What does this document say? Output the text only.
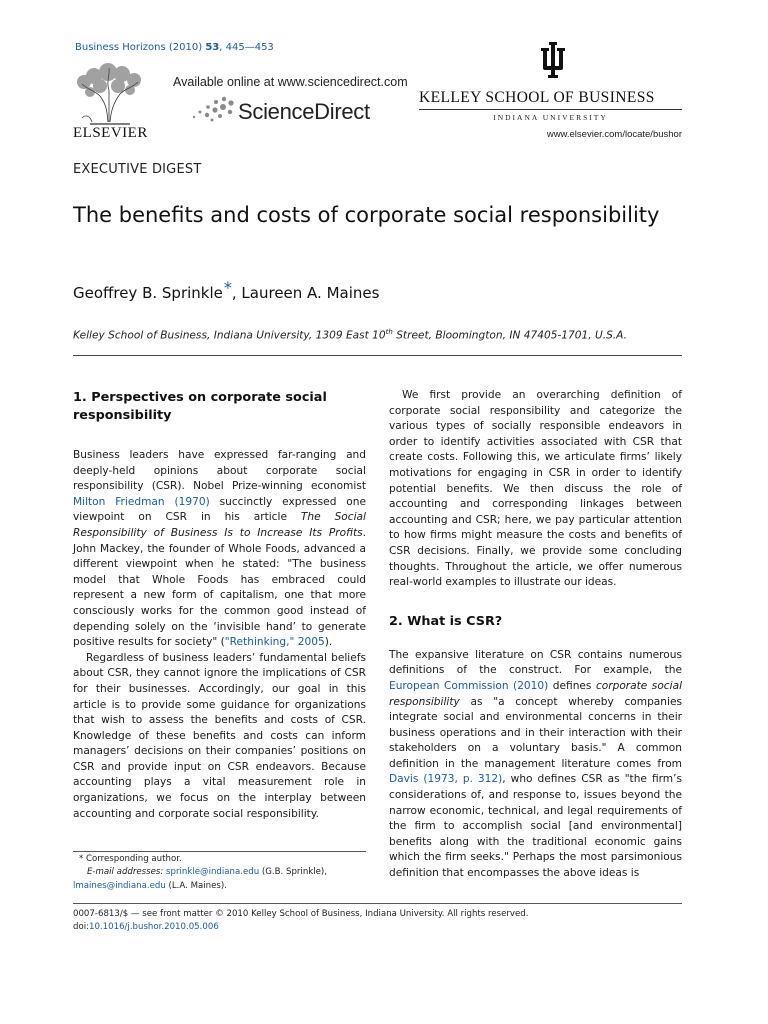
Business Horizons (2010) 53, 445—453
ELSEVIER
Available online at www.sciencedirect.com
ScienceDirect
KELLEY SCHOOL OF BUSINESS
INDIANA UNIVERSITY
www.elsevier.com/locate/bushor
EXECUTIVE DIGEST
The benefits and costs of corporate social responsibility
Geoffrey B. Sprinkle*, Laureen A. Maines
Kelley School of Business, Indiana University, 1309 East 10th Street, Bloomington, IN 47405-1701, U.S.A.
1. Perspectives on corporate social responsibility

Business leaders have expressed far-ranging and deeply-held opinions about corporate social responsibility (CSR). Nobel Prize-winning economist Milton Friedman (1970) succinctly expressed one viewpoint on CSR in his article The Social Responsibility of Business Is to Increase Its Profits. John Mackey, the founder of Whole Foods, advanced a different viewpoint when he stated: "The business model that Whole Foods has embraced could represent a new form of capitalism, one that more consciously works for the common good instead of depending solely on the ‘invisible hand’ to generate positive results for society" ("Rethinking," 2005).

Regardless of business leaders’ fundamental beliefs about CSR, they cannot ignore the implications of CSR for their businesses. Accordingly, our goal in this article is to provide some guidance for organizations that wish to assess the benefits and costs of CSR. Knowledge of these benefits and costs can inform managers’ decisions on their companies’ positions on CSR and provide input on CSR endeavors. Because accounting plays a vital measurement role in organizations, we focus on the interplay between accounting and corporate social responsibility.

We first provide an overarching definition of corporate social responsibility and categorize the various types of socially responsible endeavors in order to identify activities associated with CSR that create costs. Following this, we articulate firms’ likely motivations for engaging in CSR in order to identify potential benefits. We then discuss the role of accounting and corresponding linkages between accounting and CSR; here, we pay particular attention to how firms might measure the costs and benefits of CSR decisions. Finally, we provide some concluding thoughts. Throughout the article, we offer numerous real-world examples to illustrate our ideas.

2. What is CSR?

The expansive literature on CSR contains numerous definitions of the construct. For example, the European Commission (2010) defines corporate social responsibility as "a concept whereby companies integrate social and environmental concerns in their business operations and in their interaction with their stakeholders on a voluntary basis." A common definition in the management literature comes from Davis (1973, p. 312), who defines CSR as "the firm’s considerations of, and response to, issues beyond the narrow economic, technical, and legal requirements of the firm to accomplish social [and environmental] benefits along with the traditional economic gains which the firm seeks." Perhaps the most parsimonious definition that encompasses the above ideas is

* Corresponding author.
E-mail addresses: sprinkle@indiana.edu (G.B. Sprinkle),
lmaines@indiana.edu (L.A. Maines).
0007-6813/$ — see front matter © 2010 Kelley School of Business, Indiana University. All rights reserved.
doi:10.1016/j.bushor.2010.05.006
